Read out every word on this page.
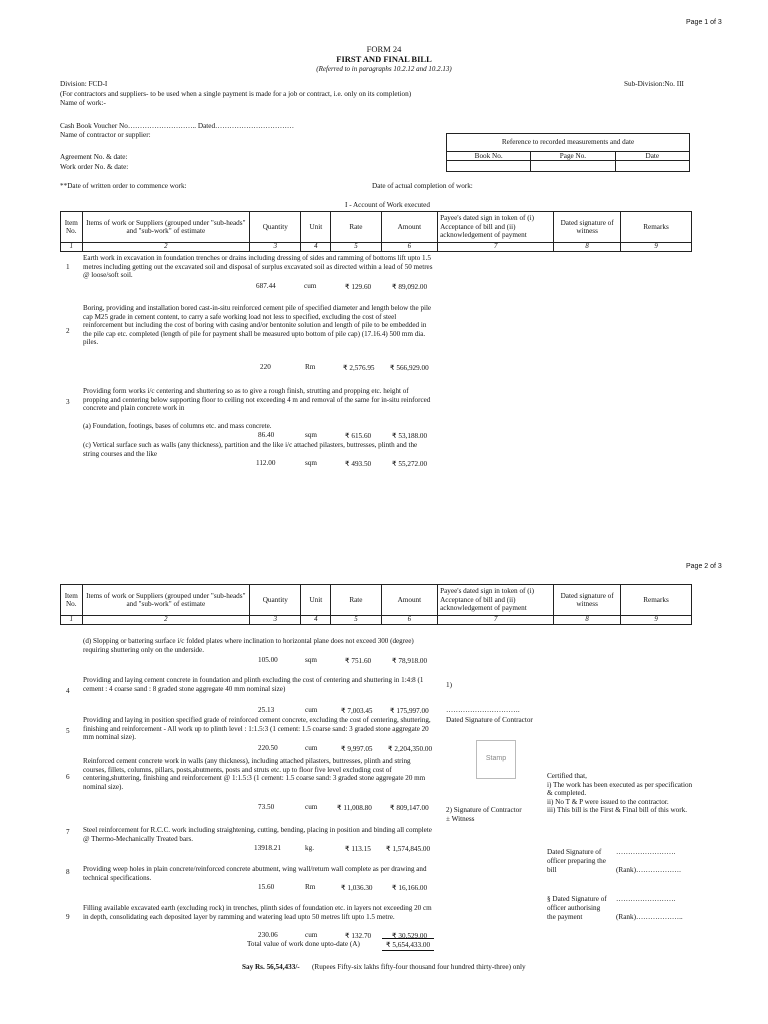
Page 1 of 3
FORM 24
FIRST AND FINAL BILL
(Referred to in paragraphs 10.2.12 and 10.2.13)
Division: FCD-I	Sub-Division:No. III
(For contractors and suppliers- to be used when a single payment is made for a job or contract, i.e. only on its completion)
Name of work:-
Cash Book Voucher No……………………….. Dated……………………………
Name of contractor or supplier:
Agreement No. & date:
Work order No. & date:
Reference to recorded measurements and date		
Book No.	Page No.	Date

**Date of written order to commence work:	Date of actual completion of work:
I - Account of Work executed
Item No.	Items of work or Suppliers (grouped under "sub-heads" and "sub-work" of estimate	Quantity	Unit	Rate	Amount	Payee's dated sign in token of (i) Acceptance of bill and (ii) acknowledgement of payment	Dated signature of witness	Remarks
1	2	3	4	5	6	7	8	9
1
Earth work in excavation in foundation trenches or drains including dressing of sides and ramming of bottoms lift upto 1.5 metres including getting out the excavated soil and disposal of surplus excavated soil as directed within a lead of 50 metres @ loose/soft soil.
687.44	cum	₹ 129.60	₹ 89,092.00
2
Boring, providing and installation bored cast-in-situ reinforced cement pile of specified diameter and length below the pile cap M25 grade in cement content, to carry a safe working load not less to specified, excluding the cost of steel reinforcement but including the cost of boring with casing and/or bentonite solution and length of pile to be embedded in the pile cap etc. completed (length of pile for payment shall be measured upto bottom of pile cap) (17.16.4) 500 mm dia. piles.
220	Rm	₹ 2,576.95 ₹ 566,929.00
3
Providing form works i/c centering and shuttering so as to give a rough finish, strutting and propping etc. height of propping and centering below supporting floor to ceiling not exceeding 4 m and removal of the same for in-situ reinforced concrete and plain concrete work in
(a) Foundation, footings, bases of columns etc. and mass concrete.
86.40	sqm	₹ 615.60	₹ 53,188.00
(c) Vertical surface such as walls (any thickness), partition and the like i/c attached pilasters, buttresses, plinth and the string courses and the like
112.00	sqm	₹ 493.50	₹ 55,272.00
Page 2 of 3
Item No.	Items of work or Suppliers (grouped under "sub-heads" and "sub-work" of estimate	Quantity	Unit	Rate	Amount	Payee's dated sign in token of (i) Acceptance of bill and (ii) acknowledgement of payment	Dated signature of witness	Remarks
1	2	3	4	5	6	7	8	9
(d) Slopping or battering surface i/c folded plates where inclination to horizontal plane does not exceed 300 (degree) requiring shuttering only on the underside.
105.00	sqm	₹ 751.60	₹ 78,918.00
4
Providing and laying cement concrete in foundation and plinth excluding the cost of centering and shuttering in 1:4:8 (1 cement : 4 coarse sand : 8 graded stone aggregate 40 mm nominal size)
25.13	cum	₹ 7,003.45 ₹ 175,997.00
5
Providing and laying in position specified grade of reinforced cement concrete, excluding the cost of centering, shuttering, finishing and reinforcement - All work up to plinth level : 1:1.5:3 (1 cement: 1.5 coarse sand: 3 graded stone aggregate 20 mm nominal size).
220.50	cum	₹ 9,997.05 ₹ 2,204,350.00
6
Reinforced cement concrete work in walls (any thickness), including attached pilasters, buttresses, plinth and string courses, fillets, columns, pillars, posts,abutments, posts and struts etc. up to floor five level excluding cost of centering,shuttering, finishing and reinforcement @ 1:1.5:3 (1 cement: 1.5 coarse sand: 3 graded stone aggregate 20 mm nominal size).
73.50	cum	₹ 11,008.80	₹ 809,147.00
7 Steel reinforcement for R.C.C. work including straightening, cutting, bending, placing in position and binding all complete @ Thermo-Mechanically Treated bars.
13918.21	kg.	₹ 113.15 ₹ 1,574,845.00
8 Providing weep holes in plain concrete/reinforced concrete abutment, wing wall/return wall complete as per drawing and technical specifications.
15.60	Rm	₹ 1,036.30	₹ 16,166.00
9
Filling available excavated earth (excluding rock) in trenches, plinth sides of foundation etc. in layers not exceeding 20 cm in depth, consolidating each deposited layer by ramming and watering lead upto 50 metres lift upto 1.5 metre.
230.06	cum	₹ 132.70	₹ 30,529.00
Total value of work done upto-date (A)	₹ 5,654,433.00
Say Rs. 56,54,433/- (Rupees Fifty-six lakhs fifty-four thousand four hundred thirty-three) only
1)
………………………….
Dated Signature of Contractor
Stamp
2) Signature of Contractor
± Witness
Certified that,
i) The work has been executed as per specification & completed.
ii) No T & P were issued to the contractor.
iii) This bill is the First & Final bill of this work.
Dated Signature of
officer preparing the
bill
…………………….
(Rank)……………….
§ Dated Signature of
officer authorising
the payment
…………………….
(Rank)………………..
